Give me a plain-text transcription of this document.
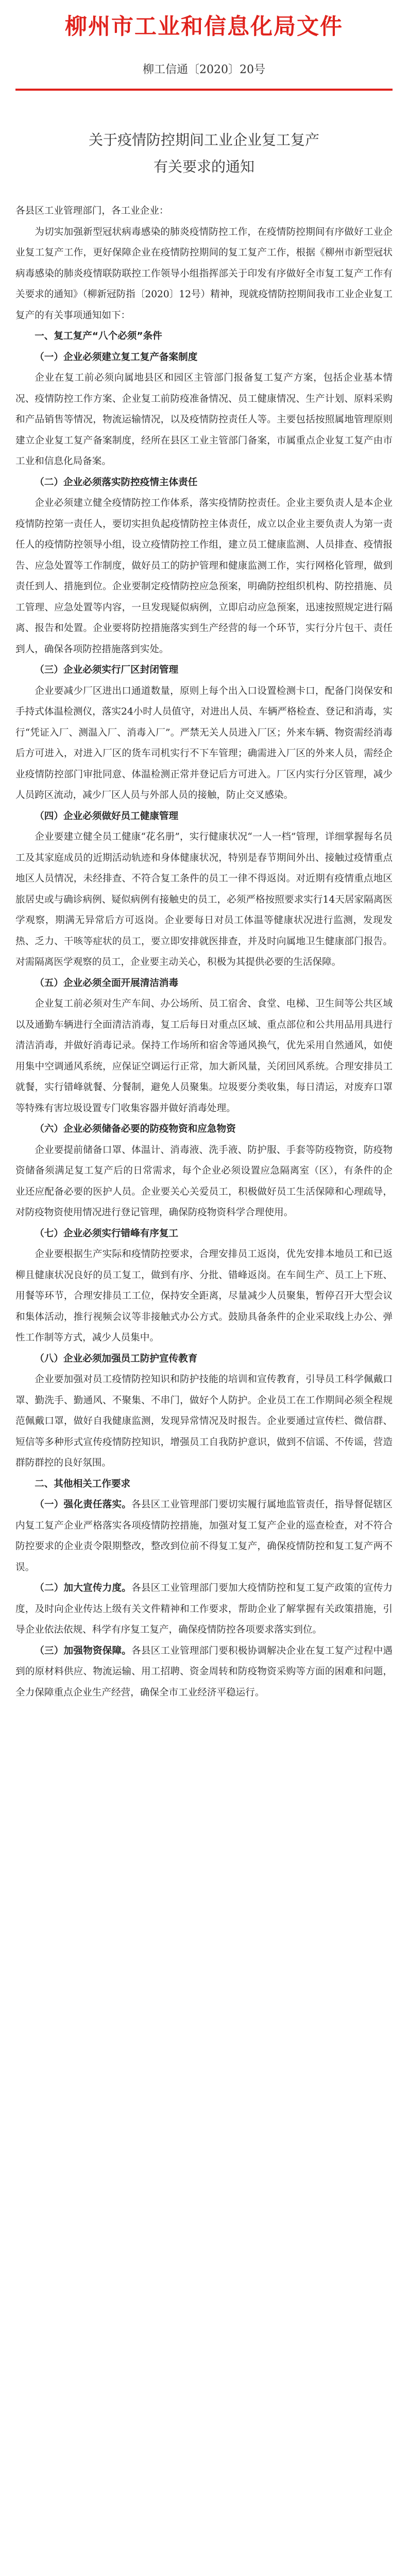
柳州市工业和信息化局文件
柳工信通〔2020〕20号
关于疫情防控期间工业企业复工复产
有关要求的通知

各县区工业管理部门，各工业企业：

为切实加强新型冠状病毒感染的肺炎疫情防控工作，在疫情防控期间有序做好工业企业复工复产工作，更好保障企业在疫情防控期间的复工复产工作，根据《柳州市新型冠状病毒感染的肺炎疫情联防联控工作领导小组指挥部关于印发有序做好全市复工复产工作有关要求的通知》（柳新冠防指〔2020〕12号）精神，现就疫情防控期间我市工业企业复工复产的有关事项通知如下：

一、复工复产“八个必须”条件

（一）企业必须建立复工复产备案制度

企业在复工前必须向属地县区和园区主管部门报备复工复产方案，包括企业基本情况、疫情防控工作方案、企业复工前防疫准备情况、员工健康情况、生产计划、原料采购和产品销售等情况，物流运输情况，以及疫情防控责任人等。主要包括按照属地管理原则建立企业复工复产备案制度，经所在县区工业主管部门备案，市属重点企业复工复产由市工业和信息化局备案。

（二）企业必须落实防控疫情主体责任

企业必须建立健全疫情防控工作体系，落实疫情防控责任。企业主要负责人是本企业疫情防控第一责任人，要切实担负起疫情防控主体责任，成立以企业主要负责人为第一责任人的疫情防控领导小组，设立疫情防控工作组，建立员工健康监测、人员排查、疫情报告、应急处置等工作制度，做好员工的防护管理和健康监测工作，实行网格化管理，做到责任到人、措施到位。企业要制定疫情防控应急预案，明确防控组织机构、防控措施、员工管理、应急处置等内容，一旦发现疑似病例，立即启动应急预案，迅速按照规定进行隔离、报告和处置。企业要将防控措施落实到生产经营的每一个环节，实行分片包干、责任到人，确保各项防控措施落到实处。

（三）企业必须实行厂区封闭管理

企业要减少厂区进出口通道数量，原则上每个出入口设置检测卡口，配备门岗保安和手持式体温检测仪，落实24小时人员值守，对进出人员、车辆严格检查、登记和消毒，实行“凭证入厂、测温入厂、消毒入厂”。严禁无关人员进入厂区；外来车辆、物资需经消毒后方可进入，对进入厂区的货车司机实行不下车管理；确需进入厂区的外来人员，需经企业疫情防控部门审批同意、体温检测正常并登记后方可进入。厂区内实行分区管理，减少人员跨区流动，减少厂区人员与外部人员的接触，防止交叉感染。

（四）企业必须做好员工健康管理

企业要建立健全员工健康“花名册”，实行健康状况“一人一档”管理，详细掌握每名员工及其家庭成员的近期活动轨迹和身体健康状况，特别是春节期间外出、接触过疫情重点地区人员情况，未经排查、不符合复工条件的员工一律不得返岗。对近期有疫情重点地区旅居史或与确诊病例、疑似病例有接触史的员工，必须严格按照要求实行14天居家隔离医学观察，期满无异常后方可返岗。企业要每日对员工体温等健康状况进行监测，发现发热、乏力、干咳等症状的员工，要立即安排就医排查，并及时向属地卫生健康部门报告。对需隔离医学观察的员工，企业要主动关心，积极为其提供必要的生活保障。

（五）企业必须全面开展清洁消毒

企业复工前必须对生产车间、办公场所、员工宿舍、食堂、电梯、卫生间等公共区域以及通勤车辆进行全面清洁消毒，复工后每日对重点区域、重点部位和公共用品用具进行清洁消毒，并做好消毒记录。保持工作场所和宿舍等通风换气，优先采用自然通风，如使用集中空调通风系统，应保证空调运行正常，加大新风量，关闭回风系统。合理安排员工就餐，实行错峰就餐、分餐制，避免人员聚集。垃圾要分类收集，每日清运，对废弃口罩等特殊有害垃圾设置专门收集容器并做好消毒处理。

（六）企业必须储备必要的防疫物资和应急物资

企业要提前储备口罩、体温计、消毒液、洗手液、防护服、手套等防疫物资，防疫物资储备须满足复工复产后的日常需求，每个企业必须设置应急隔离室（区），有条件的企业还应配备必要的医护人员。企业要关心关爱员工，积极做好员工生活保障和心理疏导，对防疫物资使用情况进行登记管理，确保防疫物资科学合理使用。

（七）企业必须实行错峰有序复工

企业要根据生产实际和疫情防控要求，合理安排员工返岗，优先安排本地员工和已返柳且健康状况良好的员工复工，做到有序、分批、错峰返岗。在车间生产、员工上下班、用餐等环节，合理安排员工工位，保持安全距离，尽量减少人员聚集，暂停召开大型会议和集体活动，推行视频会议等非接触式办公方式。鼓励具备条件的企业采取线上办公、弹性工作制等方式，减少人员集中。

（八）企业必须加强员工防护宣传教育

企业要加强对员工疫情防控知识和防护技能的培训和宣传教育，引导员工科学佩戴口罩、勤洗手、勤通风、不聚集、不串门，做好个人防护。企业员工在工作期间必须全程规范佩戴口罩，做好自我健康监测，发现异常情况及时报告。企业要通过宣传栏、微信群、短信等多种形式宣传疫情防控知识，增强员工自我防护意识，做到不信谣、不传谣，营造群防群控的良好氛围。

二、其他相关工作要求

（一）强化责任落实。各县区工业管理部门要切实履行属地监管责任，指导督促辖区内复工复产企业严格落实各项疫情防控措施，加强对复工复产企业的巡查检查，对不符合防控要求的企业责令限期整改，整改到位前不得复工复产，确保疫情防控和复工复产两不误。

（二）加大宣传力度。各县区工业管理部门要加大疫情防控和复工复产政策的宣传力度，及时向企业传达上级有关文件精神和工作要求，帮助企业了解掌握有关政策措施，引导企业依法依规、科学有序复工复产，确保疫情防控各项要求落实到位。

（三）加强物资保障。各县区工业管理部门要积极协调解决企业在复工复产过程中遇到的原材料供应、物流运输、用工招聘、资金周转和防疫物资采购等方面的困难和问题，全力保障重点企业生产经营，确保全市工业经济平稳运行。
